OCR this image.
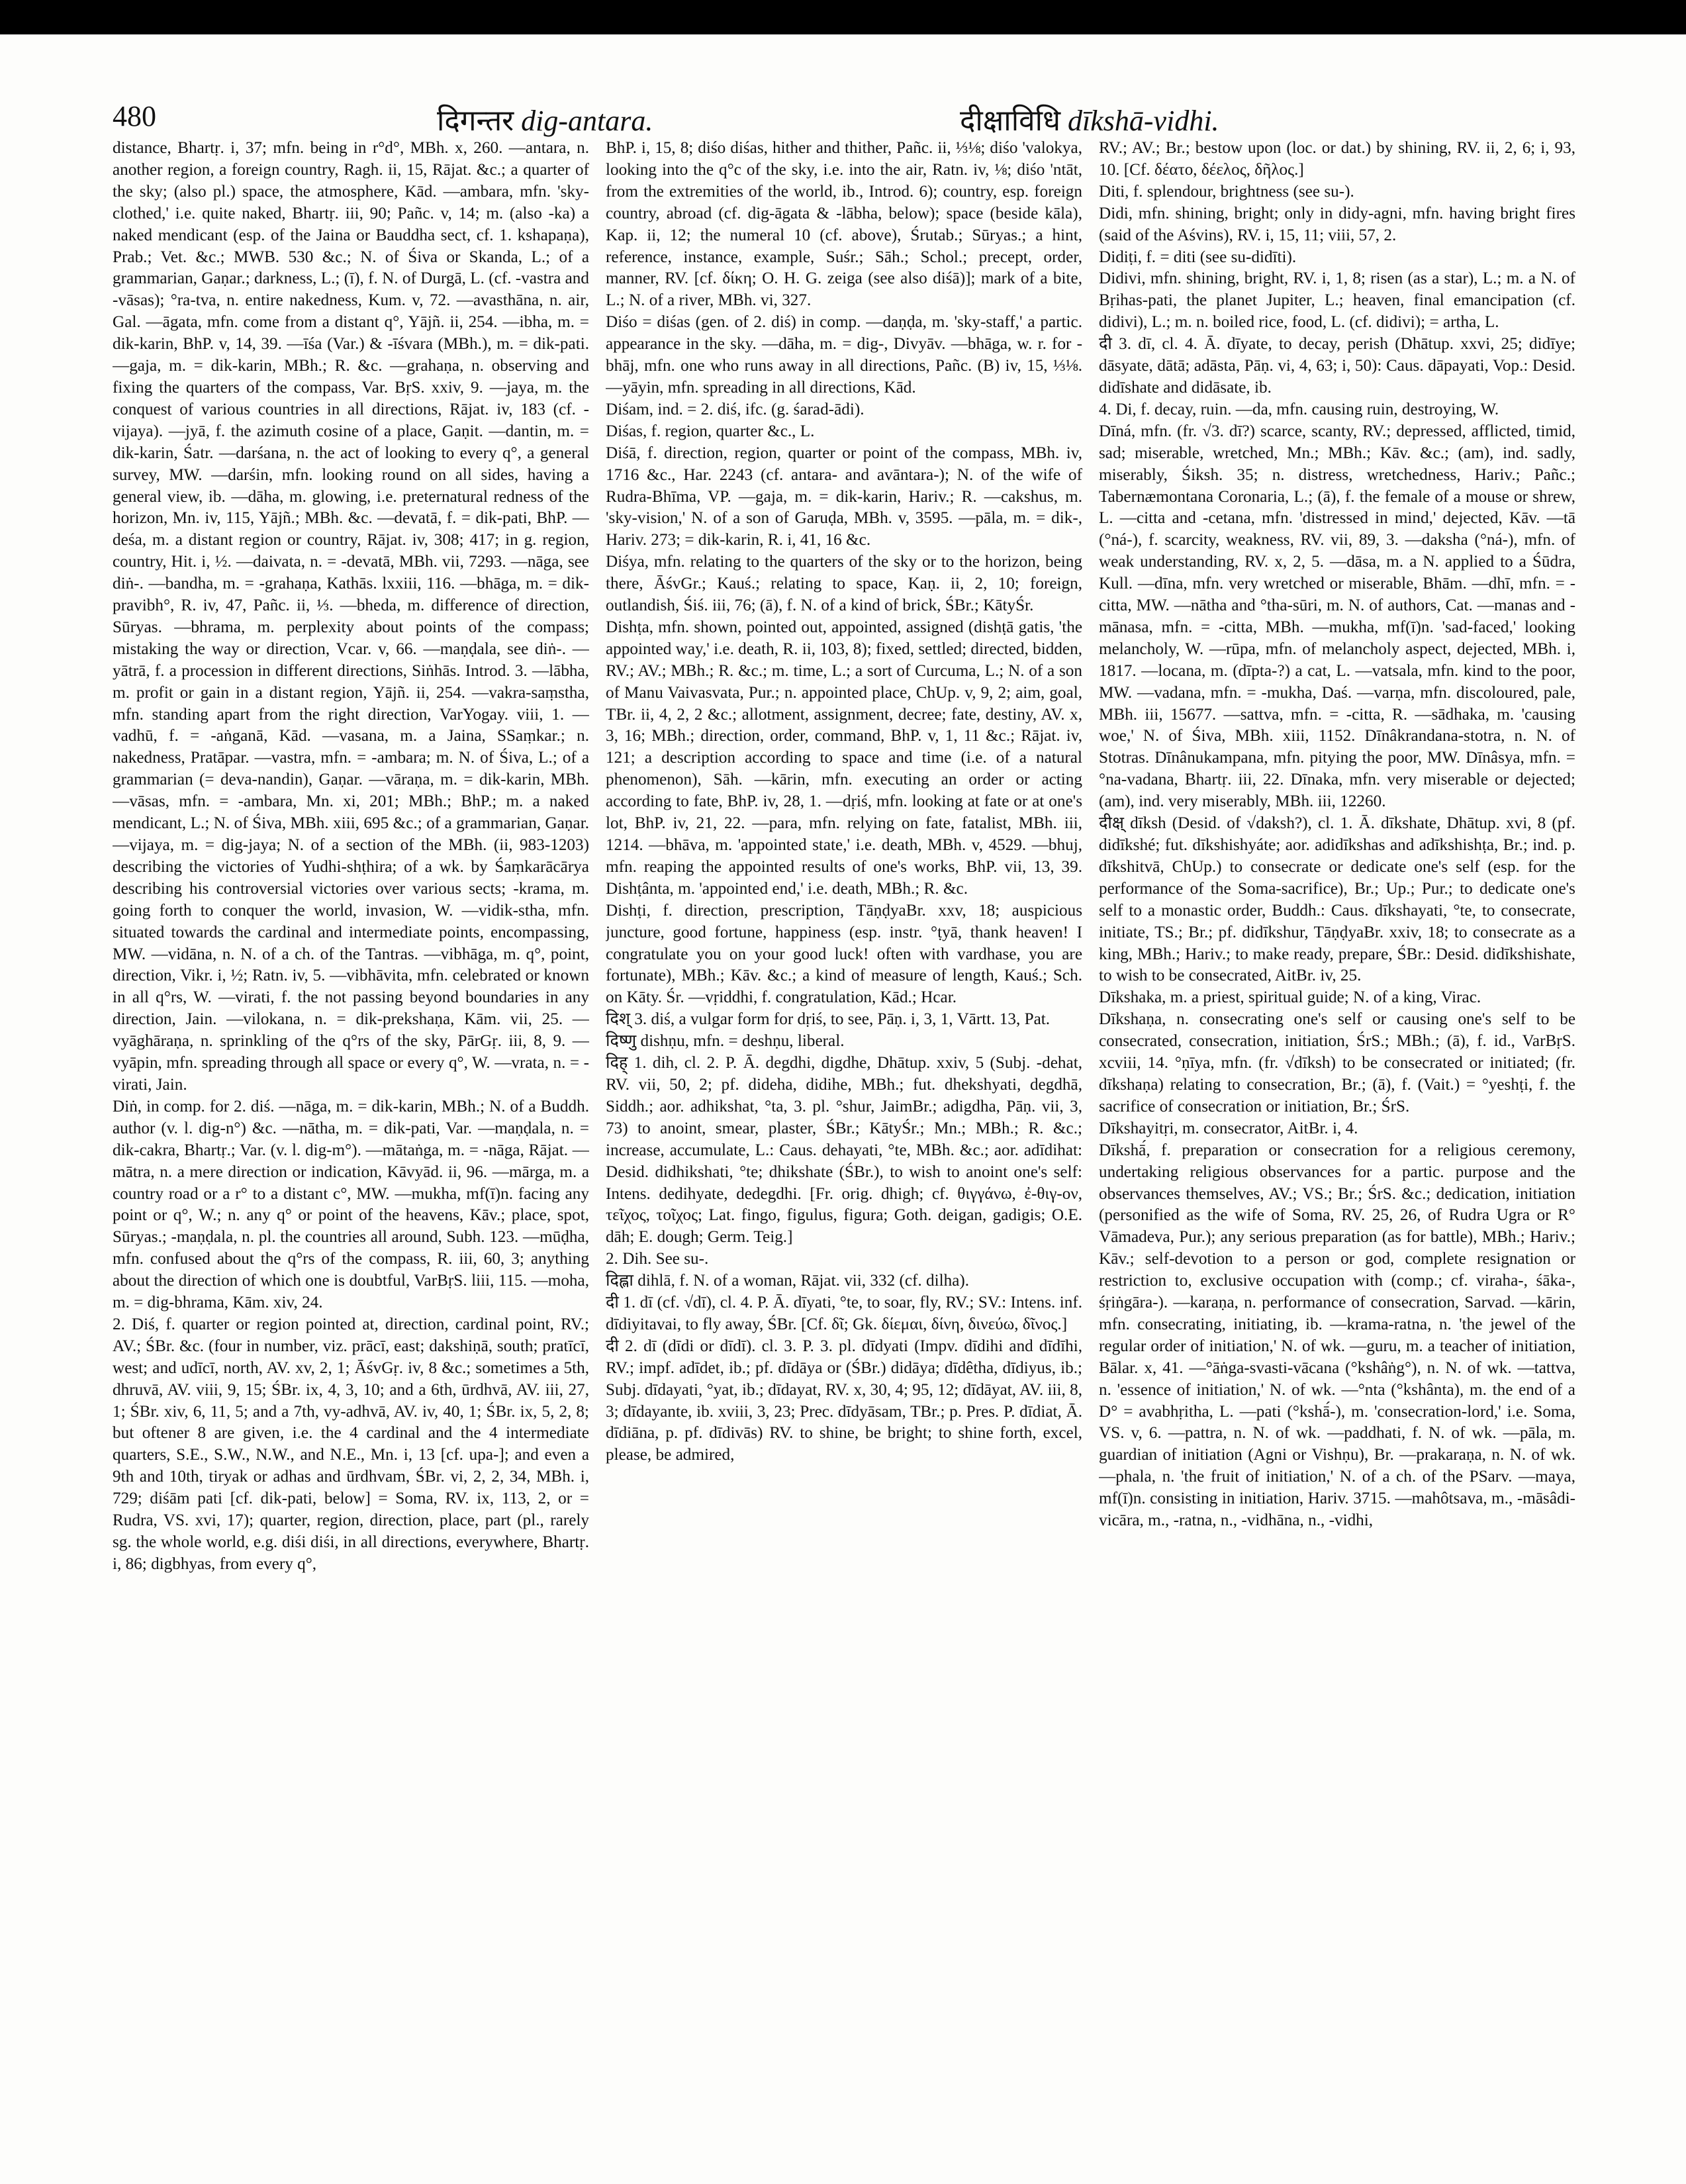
480	दिगन्तर dig-antara.	दीक्षाविधि dīkshā-vidhi.

distance, Bhartṛ. i, 37; mfn. being in r°d°, MBh. x, 260. —antara, n. another region, a foreign country, Ragh. ii, 15, Rājat. &c.; a quarter of the sky; (also pl.) space, the atmosphere, Kād. —ambara, mfn. 'sky-clothed,' i.e. quite naked, Bhartṛ. iii, 90; Pañc. v, 14; m. (also -ka) a naked mendicant (esp. of the Jaina or Bauddha sect, cf. 1. kshapaṇa), Prab.; Vet. &c.; MWB. 530 &c.; N. of Śiva or Skanda, L.; of a grammarian, Gaṇar.; darkness, L.; (ī), f. N. of Durgā, L. (cf. -vastra and -vāsas); °ra-tva, n. entire nakedness, Kum. v, 72. —avasthāna, n. air, Gal. —āgata, mfn. come from a distant q°, Yājñ. ii, 254. —ibha, m. = dik-karin, BhP. v, 14, 39. —īśa (Var.) & -īśvara (MBh.), m. = dik-pati. —gaja, m. = dik-karin, MBh.; R. &c. —grahaṇa, n. observing and fixing the quarters of the compass, Var. BṛS. xxiv, 9. —jaya, m. the conquest of various countries in all directions, Rājat. iv, 183 (cf. -vijaya). —jyā, f. the azimuth cosine of a place, Gaṇit. —dantin, m. = dik-karin, Śatr. —darśana, n. the act of looking to every q°, a general survey, MW. —darśin, mfn. looking round on all sides, having a general view, ib. —dāha, m. glowing, i.e. preternatural redness of the horizon, Mn. iv, 115, Yājñ.; MBh. &c. —devatā, f. = dik-pati, BhP. —deśa, m. a distant region or country, Rājat. iv, 308; 417; in g. region, country, Hit. i, ½. —daivata, n. = -devatā, MBh. vii, 7293. —nāga, see diṅ-. —bandha, m. = -grahaṇa, Kathās. lxxiii, 116. —bhāga, m. = dik-pravibh°, R. iv, 47, Pañc. ii, ⅓. —bheda, m. difference of direction, Sūryas. —bhrama, m. perplexity about points of the compass; mistaking the way or direction, Vcar. v, 66. —maṇḍala, see diṅ-. —yātrā, f. a procession in different directions, Siṅhās. Introd. 3. —lābha, m. profit or gain in a distant region, Yājñ. ii, 254. —vakra-saṃstha, mfn. standing apart from the right direction, VarYogay. viii, 1. —vadhū, f. = -aṅganā, Kād. —vasana, m. a Jaina, SSaṃkar.; n. nakedness, Pratāpar. —vastra, mfn. = -ambara; m. N. of Śiva, L.; of a grammarian (= deva-nandin), Gaṇar. —vāraṇa, m. = dik-karin, MBh. —vāsas, mfn. = -ambara, Mn. xi, 201; MBh.; BhP.; m. a naked mendicant, L.; N. of Śiva, MBh. xiii, 695 &c.; of a grammarian, Gaṇar. —vijaya, m. = dig-jaya; N. of a section of the MBh. (ii, 983-1203) describing the victories of Yudhi-shṭhira; of a wk. by Śaṃkarācārya describing his controversial victories over various sects; -krama, m. going forth to conquer the world, invasion, W. —vidik-stha, mfn. situated towards the cardinal and intermediate points, encompassing, MW. —vidāna, n. N. of a ch. of the Tantras. —vibhāga, m. q°, point, direction, Vikr. i, ½; Ratn. iv, 5. —vibhāvita, mfn. celebrated or known in all q°rs, W. —virati, f. the not passing beyond boundaries in any direction, Jain. —vilokana, n. = dik-prekshaṇa, Kām. vii, 25. —vyāghāraṇa, n. sprinkling of the q°rs of the sky, PārGṛ. iii, 8, 9. —vyāpin, mfn. spreading through all space or every q°, W. —vrata, n. = -virati, Jain.

Diṅ, in comp. for 2. diś. —nāga, m. = dik-karin, MBh.; N. of a Buddh. author (v. l. dig-n°) &c. —nātha, m. = dik-pati, Var. —maṇḍala, n. = dik-cakra, Bhartṛ.; Var. (v. l. dig-m°). —mātaṅga, m. = -nāga, Rājat. —mātra, n. a mere direction or indication, Kāvyād. ii, 96. —mārga, m. a country road or a r° to a distant c°, MW. —mukha, mf(ī)n. facing any point or q°, W.; n. any q° or point of the heavens, Kāv.; place, spot, Sūryas.; -maṇḍala, n. pl. the countries all around, Subh. 123. —mūḍha, mfn. confused about the q°rs of the compass, R. iii, 60, 3; anything about the direction of which one is doubtful, VarBṛS. liii, 115. —moha, m. = dig-bhrama, Kām. xiv, 24.

2. Diś, f. quarter or region pointed at, direction, cardinal point, RV.; AV.; ŚBr. &c. (four in number, viz. prācī, east; dakshiṇā, south; pratīcī, west; and udīcī, north, AV. xv, 2, 1; ĀśvGṛ. iv, 8 &c.; sometimes a 5th, dhruvā, AV. viii, 9, 15; ŚBr. ix, 4, 3, 10; and a 6th, ūrdhvā, AV. iii, 27, 1; ŚBr. xiv, 6, 11, 5; and a 7th, vy-adhvā, AV. iv, 40, 1; ŚBr. ix, 5, 2, 8; but oftener 8 are given, i.e. the 4 cardinal and the 4 intermediate quarters, S.E., S.W., N.W., and N.E., Mn. i, 13 [cf. upa-]; and even a 9th and 10th, tiryak or adhas and ūrdhvam, ŚBr. vi, 2, 2, 34, MBh. i, 729; diśām pati [cf. dik-pati, below] = Soma, RV. ix, 113, 2, or = Rudra, VS. xvi, 17); quarter, region, direction, place, part (pl., rarely sg. the whole world, e.g. diśi diśi, in all directions, everywhere, Bhartṛ. i, 86; digbhyas, from every q°,

BhP. i, 15, 8; diśo diśas, hither and thither, Pañc. ii, ⅓⅛; diśo 'valokya, looking into the q°c of the sky, i.e. into the air, Ratn. iv, ⅛; diśo 'ntāt, from the extremities of the world, ib., Introd. 6); country, esp. foreign country, abroad (cf. dig-āgata & -lābha, below); space (beside kāla), Kap. ii, 12; the numeral 10 (cf. above), Śrutab.; Sūryas.; a hint, reference, instance, example, Suśr.; Sāh.; Schol.; precept, order, manner, RV. [cf. δίκη; O. H. G. zeiga (see also diśā)]; mark of a bite, L.; N. of a river, MBh. vi, 327.

Diśo = diśas (gen. of 2. diś) in comp. —daṇḍa, m. 'sky-staff,' a partic. appearance in the sky. —dāha, m. = dig-, Divyāv. —bhāga, w. r. for -bhāj, mfn. one who runs away in all directions, Pañc. (B) iv, 15, ⅓⅛. —yāyin, mfn. spreading in all directions, Kād.

Diśam, ind. = 2. diś, ifc. (g. śarad-ādi).

Diśas, f. region, quarter &c., L.

Diśā, f. direction, region, quarter or point of the compass, MBh. iv, 1716 &c., Har. 2243 (cf. antara- and avāntara-); N. of the wife of Rudra-Bhīma, VP. —gaja, m. = dik-karin, Hariv.; R. —cakshus, m. 'sky-vision,' N. of a son of Garuḍa, MBh. v, 3595. —pāla, m. = dik-, Hariv. 273; = dik-karin, R. i, 41, 16 &c.

Diśya, mfn. relating to the quarters of the sky or to the horizon, being there, ĀśvGr.; Kauś.; relating to space, Kaṇ. ii, 2, 10; foreign, outlandish, Śiś. iii, 76; (ā), f. N. of a kind of brick, ŚBr.; KātyŚr.

Dishṭa, mfn. shown, pointed out, appointed, assigned (dishṭā gatis, 'the appointed way,' i.e. death, R. ii, 103, 8); fixed, settled; directed, bidden, RV.; AV.; MBh.; R. &c.; m. time, L.; a sort of Curcuma, L.; N. of a son of Manu Vaivasvata, Pur.; n. appointed place, ChUp. v, 9, 2; aim, goal, TBr. ii, 4, 2, 2 &c.; allotment, assignment, decree; fate, destiny, AV. x, 3, 16; MBh.; direction, order, command, BhP. v, 1, 11 &c.; Rājat. iv, 121; a description according to space and time (i.e. of a natural phenomenon), Sāh. —kārin, mfn. executing an order or acting according to fate, BhP. iv, 28, 1. —dṛiś, mfn. looking at fate or at one's lot, BhP. iv, 21, 22. —para, mfn. relying on fate, fatalist, MBh. iii, 1214. —bhāva, m. 'appointed state,' i.e. death, MBh. v, 4529. —bhuj, mfn. reaping the appointed results of one's works, BhP. vii, 13, 39. Dishṭânta, m. 'appointed end,' i.e. death, MBh.; R. &c.

Dishṭi, f. direction, prescription, TāṇḍyaBr. xxv, 18; auspicious juncture, good fortune, happiness (esp. instr. °ṭyā, thank heaven! I congratulate you on your good luck! often with vardhase, you are fortunate), MBh.; Kāv. &c.; a kind of measure of length, Kauś.; Sch. on Kāty. Śr. —vṛiddhi, f. congratulation, Kād.; Hcar.

दिश् 3. diś, a vulgar form for dṛiś, to see, Pāṇ. i, 3, 1, Vārtt. 13, Pat.

दिष्णु dishṇu, mfn. = deshṇu, liberal.

दिह् 1. dih, cl. 2. P. Ā. degdhi, digdhe, Dhātup. xxiv, 5 (Subj. -dehat, RV. vii, 50, 2; pf. dideha, didihe, MBh.; fut. dhekshyati, degdhā, Siddh.; aor. adhikshat, °ta, 3. pl. °shur, JaimBr.; adigdha, Pāṇ. vii, 3, 73) to anoint, smear, plaster, ŚBr.; KātyŚr.; Mn.; MBh.; R. &c.; increase, accumulate, L.: Caus. dehayati, °te, MBh. &c.; aor. adīdihat: Desid. didhikshati, °te; dhikshate (ŚBr.), to wish to anoint one's self: Intens. dedihyate, dedegdhi. [Fr. orig. dhigh; cf. θιγγάνω, ἐ-θιγ-ον, τεῖχος, τοῖχος; Lat. fingo, figulus, figura; Goth. deigan, gadigis; O.E. dāh; E. dough; Germ. Teig.]

2. Dih. See su-.

दिह्ला dihlā, f. N. of a woman, Rājat. vii, 332 (cf. dilha).

दी 1. dī (cf. √dī), cl. 4. P. Ā. dīyati, °te, to soar, fly, RV.; SV.: Intens. inf. dīdiyitavai, to fly away, ŚBr. [Cf. δῖ; Gk. δίεμαι, δίνη, δινεύω, δῖνος.]

दी 2. dī (dīdi or dīdī). cl. 3. P. 3. pl. dīdyati (Impv. dīdihi and dīdīhi, RV.; impf. adīdet, ib.; pf. dīdāya or (ŚBr.) didāya; dīdêtha, dīdiyus, ib.; Subj. dīdayati, °yat, ib.; dīdayat, RV. x, 30, 4; 95, 12; dīdāyat, AV. iii, 8, 3; dīdayante, ib. xviii, 3, 23; Prec. dīdyāsam, TBr.; p. Pres. P. dīdiat, Ā. dīdiāna, p. pf. dīdivās) RV. to shine, be bright; to shine forth, excel, please, be admired,

RV.; AV.; Br.; bestow upon (loc. or dat.) by shining, RV. ii, 2, 6; i, 93, 10. [Cf. δέατο, δέελος, δῆλος.]

Diti, f. splendour, brightness (see su-).

Didi, mfn. shining, bright; only in didy-agni, mfn. having bright fires (said of the Aśvins), RV. i, 15, 11; viii, 57, 2.

Didiṭi, f. = diti (see su-didīti).

Didivi, mfn. shining, bright, RV. i, 1, 8; risen (as a star), L.; m. a N. of Bṛihas-pati, the planet Jupiter, L.; heaven, final emancipation (cf. didivi), L.; m. n. boiled rice, food, L. (cf. didivi); = artha, L.

दी 3. dī, cl. 4. Ā. dīyate, to decay, perish (Dhātup. xxvi, 25; didīye; dāsyate, dātā; adāsta, Pāṇ. vi, 4, 63; i, 50): Caus. dāpayati, Vop.: Desid. didīshate and didāsate, ib.

4. Di, f. decay, ruin. —da, mfn. causing ruin, destroying, W.

Dīná, mfn. (fr. √3. dī?) scarce, scanty, RV.; depressed, afflicted, timid, sad; miserable, wretched, Mn.; MBh.; Kāv. &c.; (am), ind. sadly, miserably, Śiksh. 35; n. distress, wretchedness, Hariv.; Pañc.; Tabernæmontana Coronaria, L.; (ā), f. the female of a mouse or shrew, L. —citta and -cetana, mfn. 'distressed in mind,' dejected, Kāv. —tā (°ná-), f. scarcity, weakness, RV. vii, 89, 3. —daksha (°ná-), mfn. of weak understanding, RV. x, 2, 5. —dāsa, m. a N. applied to a Śūdra, Kull. —dīna, mfn. very wretched or miserable, Bhām. —dhī, mfn. = -citta, MW. —nātha and °tha-sūri, m. N. of authors, Cat. —manas and -mānasa, mfn. = -citta, MBh. —mukha, mf(ī)n. 'sad-faced,' looking melancholy, W. —rūpa, mfn. of melancholy aspect, dejected, MBh. i, 1817. —locana, m. (dīpta-?) a cat, L. —vatsala, mfn. kind to the poor, MW. —vadana, mfn. = -mukha, Daś. —varṇa, mfn. discoloured, pale, MBh. iii, 15677. —sattva, mfn. = -citta, R. —sādhaka, m. 'causing woe,' N. of Śiva, MBh. xiii, 1152. Dīnâkrandana-stotra, n. N. of Stotras. Dīnânukampana, mfn. pitying the poor, MW. Dīnâsya, mfn. = °na-vadana, Bhartṛ. iii, 22. Dīnaka, mfn. very miserable or dejected; (am), ind. very miserably, MBh. iii, 12260.

दीक्ष् dīksh (Desid. of √daksh?), cl. 1. Ā. dīkshate, Dhātup. xvi, 8 (pf. didīkshé; fut. dīkshishyáte; aor. adidīkshas and adīkshishṭa, Br.; ind. p. dīkshitvā, ChUp.) to consecrate or dedicate one's self (esp. for the performance of the Soma-sacrifice), Br.; Up.; Pur.; to dedicate one's self to a monastic order, Buddh.: Caus. dīkshayati, °te, to consecrate, initiate, TS.; Br.; pf. didīkshur, TāṇḍyaBr. xxiv, 18; to consecrate as a king, MBh.; Hariv.; to make ready, prepare, ŚBr.: Desid. didīkshishate, to wish to be consecrated, AitBr. iv, 25.

Dīkshaka, m. a priest, spiritual guide; N. of a king, Virac.

Dīkshaṇa, n. consecrating one's self or causing one's self to be consecrated, consecration, initiation, ŚrS.; MBh.; (ā), f. id., VarBṛS. xcviii, 14. °ṇīya, mfn. (fr. √dīksh) to be consecrated or initiated; (fr. dīkshaṇa) relating to consecration, Br.; (ā), f. (Vait.) = °yeshṭi, f. the sacrifice of consecration or initiation, Br.; ŚrS.

Dīkshayitṛi, m. consecrator, AitBr. i, 4.

Dīkshā́, f. preparation or consecration for a religious ceremony, undertaking religious observances for a partic. purpose and the observances themselves, AV.; VS.; Br.; ŚrS. &c.; dedication, initiation (personified as the wife of Soma, RV. 25, 26, of Rudra Ugra or R° Vāmadeva, Pur.); any serious preparation (as for battle), MBh.; Hariv.; Kāv.; self-devotion to a person or god, complete resignation or restriction to, exclusive occupation with (comp.; cf. viraha-, śāka-, śṛiṅgāra-). —karaṇa, n. performance of consecration, Sarvad. —kārin, mfn. consecrating, initiating, ib. —krama-ratna, n. 'the jewel of the regular order of initiation,' N. of wk. —guru, m. a teacher of initiation, Bālar. x, 41. —°āṅga-svasti-vācana (°kshâṅg°), n. N. of wk. —tattva, n. 'essence of initiation,' N. of wk. —°nta (°kshânta), m. the end of a D° = avabhṛitha, L. —pati (°kshā́-), m. 'consecration-lord,' i.e. Soma, VS. v, 6. —pattra, n. N. of wk. —paddhati, f. N. of wk. —pāla, m. guardian of initiation (Agni or Vishṇu), Br. —prakaraṇa, n. N. of wk. —phala, n. 'the fruit of initiation,' N. of a ch. of the PSarv. —maya, mf(ī)n. consisting in initiation, Hariv. 3715. —mahôtsava, m., -māsâdi-vicāra, m., -ratna, n., -vidhāna, n., -vidhi,
